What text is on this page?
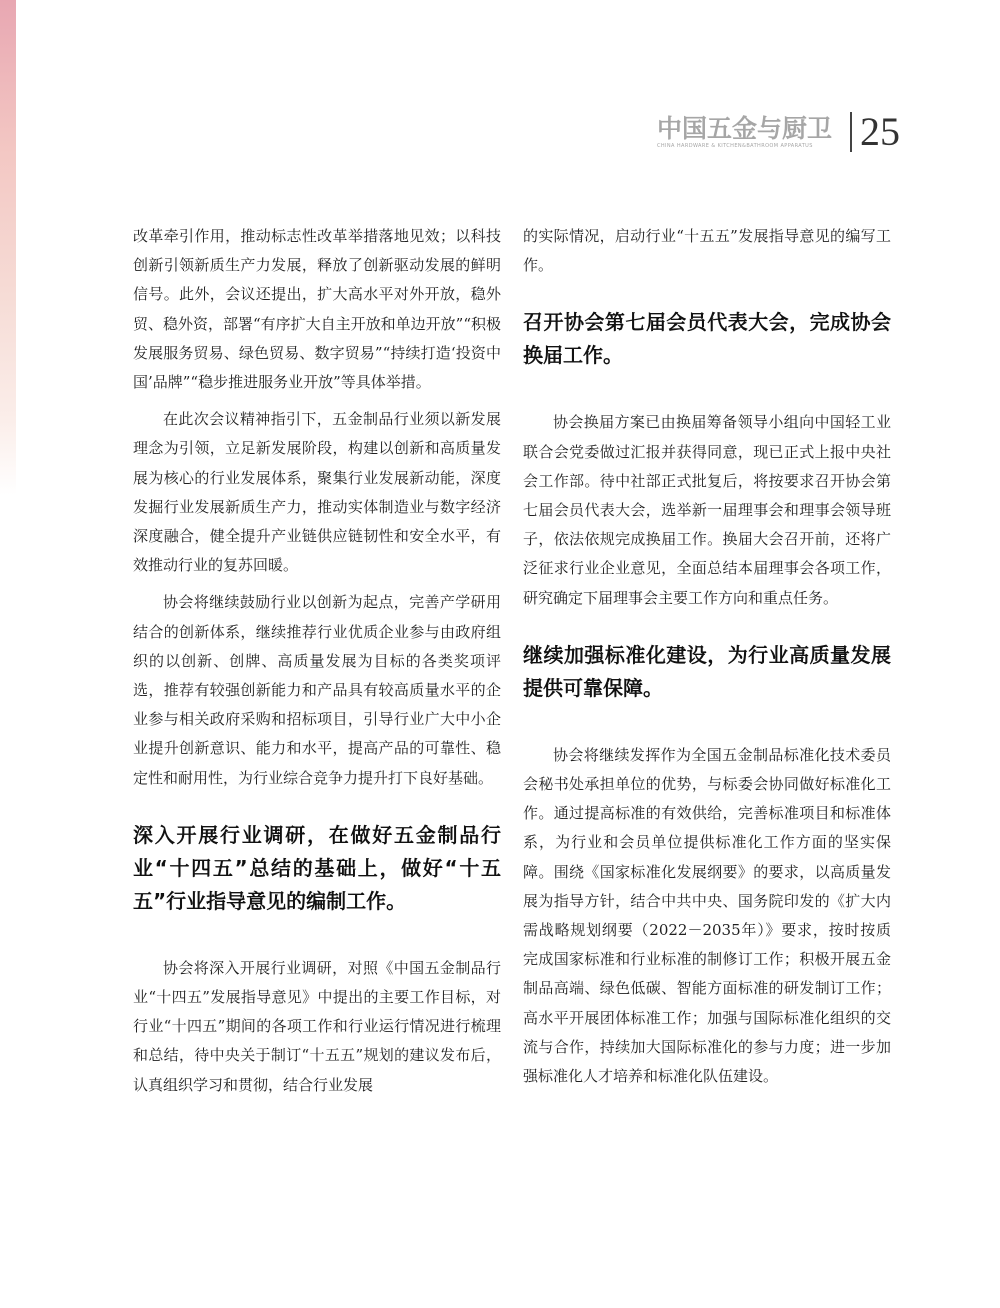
中国五金与厨卫
CHINA HARDWARE & KITCHEN&BATHROOM APPARATUS	25

改革牵引作用，推动标志性改革举措落地见效；以科技创新引领新质生产力发展，释放了创新驱动发展的鲜明信号。此外，会议还提出，扩大高水平对外开放，稳外贸、稳外资，部署“有序扩大自主开放和单边开放”“积极发展服务贸易、绿色贸易、数字贸易”“持续打造‘投资中国’品牌”“稳步推进服务业开放”等具体举措。

在此次会议精神指引下，五金制品行业须以新发展理念为引领，立足新发展阶段，构建以创新和高质量发展为核心的行业发展体系，聚集行业发展新动能，深度发掘行业发展新质生产力，推动实体制造业与数字经济深度融合，健全提升产业链供应链韧性和安全水平，有效推动行业的复苏回暖。

协会将继续鼓励行业以创新为起点，完善产学研用结合的创新体系，继续推荐行业优质企业参与由政府组织的以创新、创牌、高质量发展为目标的各类奖项评选，推荐有较强创新能力和产品具有较高质量水平的企业参与相关政府采购和招标项目，引导行业广大中小企业提升创新意识、能力和水平，提高产品的可靠性、稳定性和耐用性，为行业综合竞争力提升打下良好基础。

深入开展行业调研，在做好五金制品行业“十四五”总结的基础上，做好“十五五”行业指导意见的编制工作。

协会将深入开展行业调研，对照《中国五金制品行业“十四五”发展指导意见》中提出的主要工作目标，对行业“十四五”期间的各项工作和行业运行情况进行梳理和总结，待中央关于制订“十五五”规划的建议发布后，认真组织学习和贯彻，结合行业发展

的实际情况，启动行业“十五五”发展指导意见的编写工作。

召开协会第七届会员代表大会，完成协会换届工作。

协会换届方案已由换届筹备领导小组向中国轻工业联合会党委做过汇报并获得同意，现已正式上报中央社会工作部。待中社部正式批复后，将按要求召开协会第七届会员代表大会，选举新一届理事会和理事会领导班子，依法依规完成换届工作。换届大会召开前，还将广泛征求行业企业意见，全面总结本届理事会各项工作，研究确定下届理事会主要工作方向和重点任务。

继续加强标准化建设，为行业高质量发展提供可靠保障。

协会将继续发挥作为全国五金制品标准化技术委员会秘书处承担单位的优势，与标委会协同做好标准化工作。通过提高标准的有效供给，完善标准项目和标准体系，为行业和会员单位提供标准化工作方面的坚实保障。围绕《国家标准化发展纲要》的要求，以高质量发展为指导方针，结合中共中央、国务院印发的《扩大内需战略规划纲要（2022－2035年）》要求，按时按质完成国家标准和行业标准的制修订工作；积极开展五金制品高端、绿色低碳、智能方面标准的研发制订工作；高水平开展团体标准工作；加强与国际标准化组织的交流与合作，持续加大国际标准化的参与力度；进一步加强标准化人才培养和标准化队伍建设。
